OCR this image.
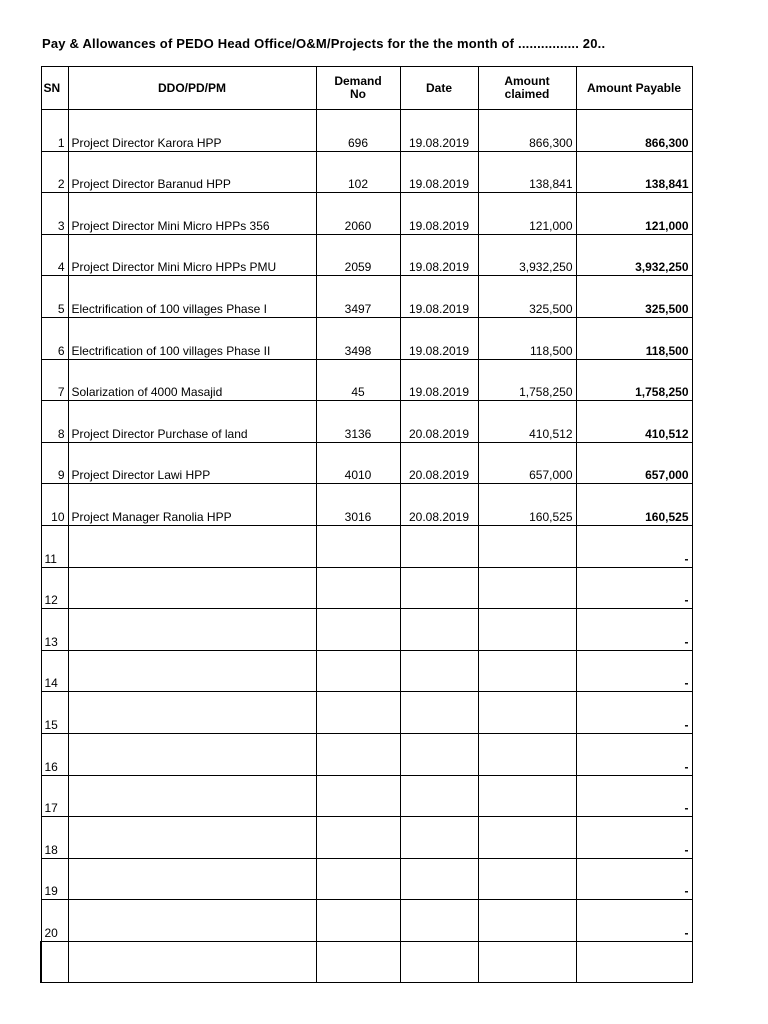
Pay & Allowances of PEDO Head Office/O&M/Projects for the the month of ................ 20..
SN	DDO/PD/PM	Demand No	Date	Amount claimed	Amount Payable
1	Project Director Karora HPP	696	19.08.2019	866,300	866,300
2	Project Director Baranud HPP	102	19.08.2019	138,841	138,841
3	Project Director Mini Micro HPPs 356	2060	19.08.2019	121,000	121,000
4	Project Director Mini Micro HPPs PMU	2059	19.08.2019	3,932,250	3,932,250
5	Electrification of 100 villages Phase I	3497	19.08.2019	325,500	325,500
6	Electrification of 100 villages Phase II	3498	19.08.2019	118,500	118,500
7	Solarization of 4000 Masajid	45	19.08.2019	1,758,250	1,758,250
8	Project Director Purchase of land	3136	20.08.2019	410,512	410,512
9	Project Director Lawi HPP	4010	20.08.2019	657,000	657,000
10	Project Manager Ranolia HPP	3016	20.08.2019	160,525	160,525
11					-
12					-
13					-
14					-
15					-
16					-
17					-
18					-
19					-
20					-
